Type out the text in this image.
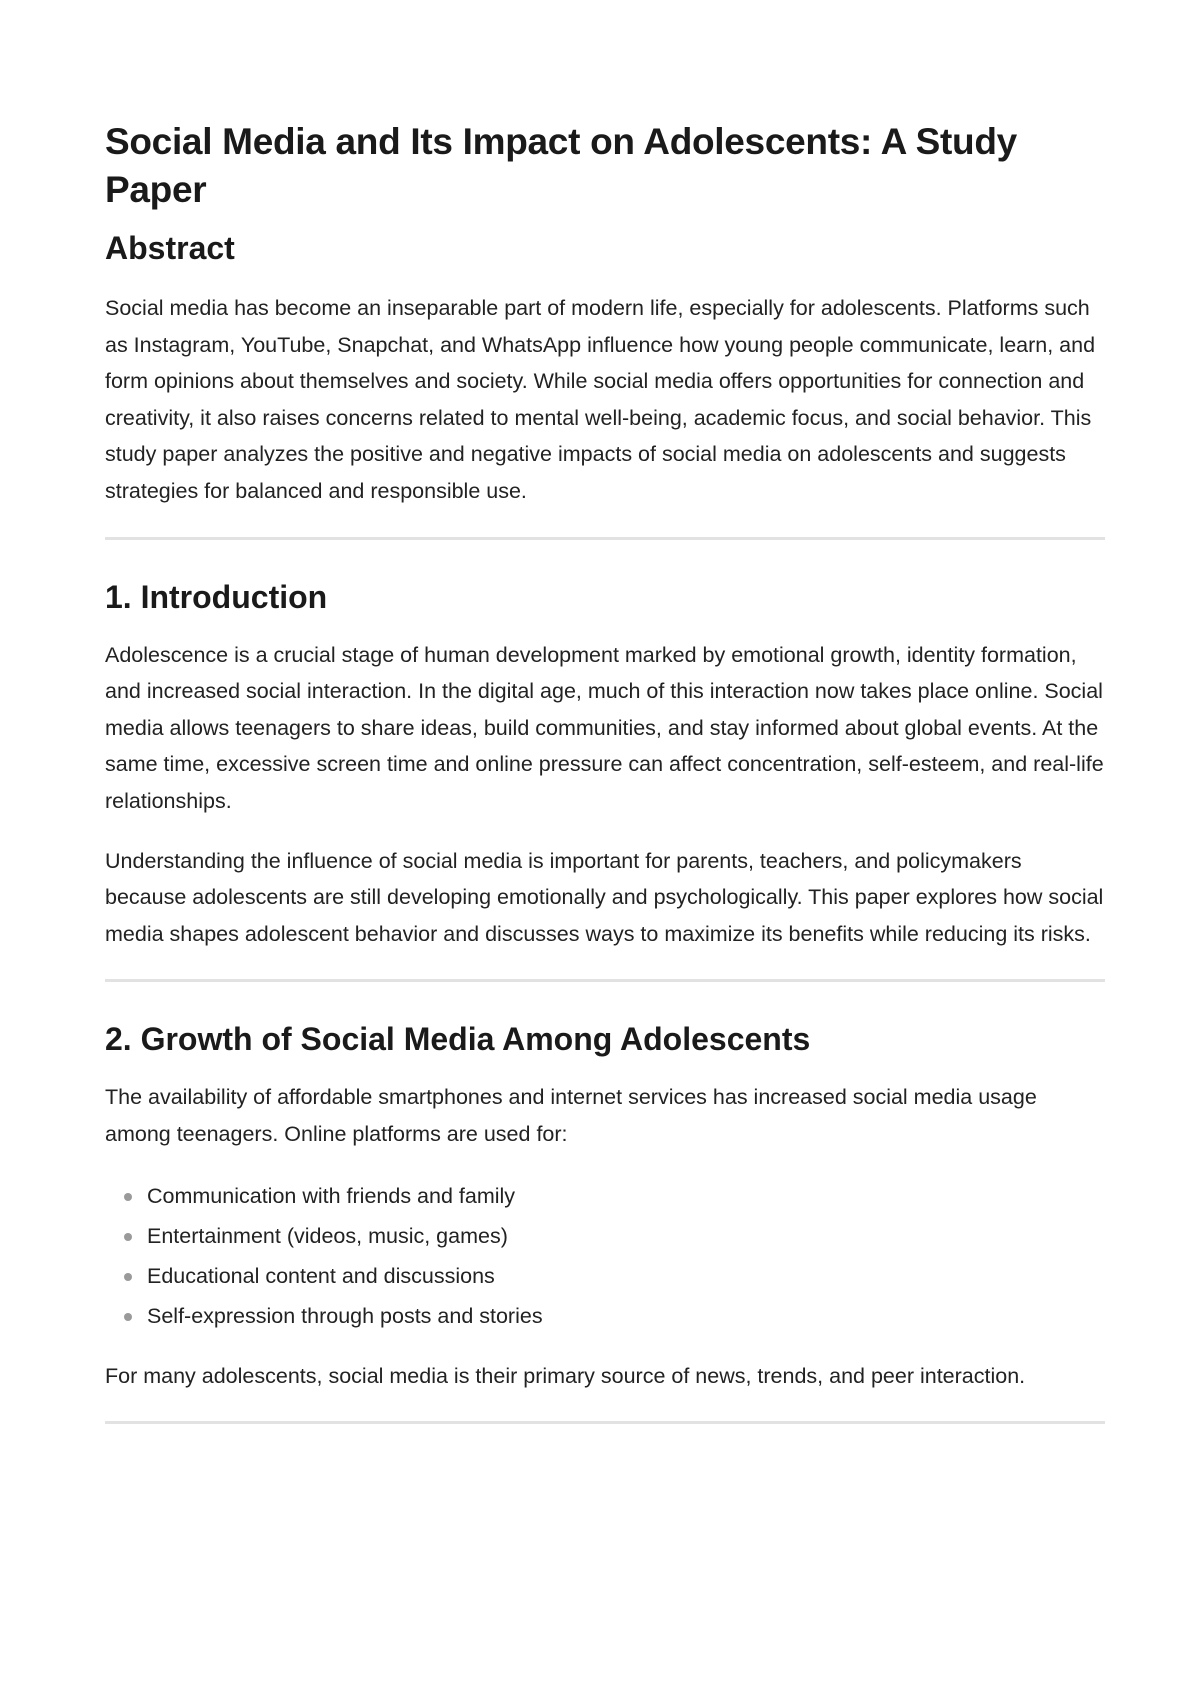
Social Media and Its Impact on Adolescents: A Study Paper
Abstract

Social media has become an inseparable part of modern life, especially for adolescents. Platforms such as Instagram, YouTube, Snapchat, and WhatsApp influence how young people communicate, learn, and form opinions about themselves and society. While social media offers opportunities for connection and creativity, it also raises concerns related to mental well-being, academic focus, and social behavior. This study paper analyzes the positive and negative impacts of social media on adolescents and suggests strategies for balanced and responsible use.

1. Introduction

Adolescence is a crucial stage of human development marked by emotional growth, identity formation, and increased social interaction. In the digital age, much of this interaction now takes place online. Social media allows teenagers to share ideas, build communities, and stay informed about global events. At the same time, excessive screen time and online pressure can affect concentration, self-esteem, and real-life relationships.

Understanding the influence of social media is important for parents, teachers, and policymakers because adolescents are still developing emotionally and psychologically. This paper explores how social media shapes adolescent behavior and discusses ways to maximize its benefits while reducing its risks.

2. Growth of Social Media Among Adolescents

The availability of affordable smartphones and internet services has increased social media usage among teenagers. Online platforms are used for:

Communication with friends and family
Entertainment (videos, music, games)
Educational content and discussions
Self-expression through posts and stories

For many adolescents, social media is their primary source of news, trends, and peer interaction.
